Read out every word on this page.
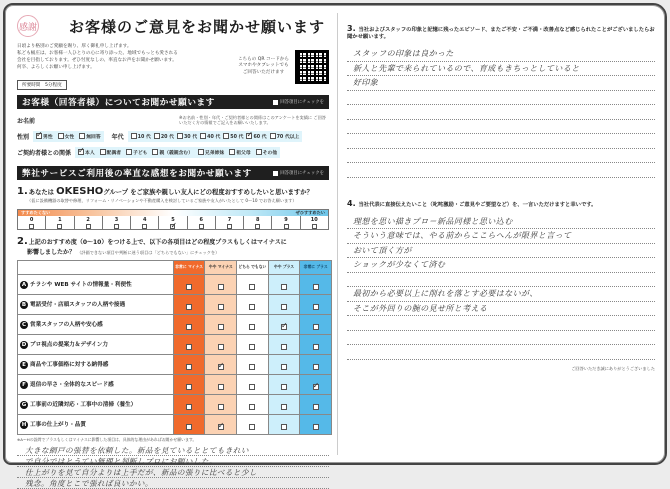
感謝 お客様のご意見をお聞かせ願います
日頃より格別のご愛顧を賜り、厚く御礼申し上げます。
私ども桶庄は、お客様一人ひとりの心に寄り添った、地域でもっとも愛される
会社を目指しております。ぜひ忖度なしの、率直なお声をお聞かせ願います。
何卒、よろしくお願い申し上げます。
所要時間　5分程度
こちらの QR コードから
スマホやタブレットでも
ご回答いただけます
お客様（回答者様）についてお聞かせ願います	回答項目にチェックを
お名前
※お名前・性別・年代・ご契約者様との関係はこのアンケートを実績に ご回答いただく方の情報でご記入をお願いいたします。
性別 ✓	男性	女性	無回答 年代	10 代 20 代 30 代 40 代 50 代
✓ 60 代 70 代以上
ご契約者様との関係 ✓	本人	配偶者	子ども	親（義親含む）	兄弟姉妹	祖父母	その他
弊社サービスご利用後の率直な感想をお聞かせ願います	回答項目にチェックを
1.あなたは OKESHOグループ をご家族や親しい友人にどの程度おすすめしたいと思いますか？
（仮に設備機器の取替や修理、リフォーム・リノベーションや不動産購入を検討しているご家族や友人がいたとして 0〜10 でお答え願います）
すすめたくない	ぜひすすめたい
0	1	2	3	4	5
✓	6	7	8	9	10
2.上記のおすすめ度（0〜10）をつける上で、以下の各項目はどの程度プラスもしくはマイナスに
影響しましたか？ （評価できない項目や判断に迷う項目は「どちらでもない」にチェックを）
	非常に マイナス	やや マイナス	どちら でもない	やや プラス	非常に プラス
A チラシや WEB サイトの情報量・利便性					
B 電話受付・店頭スタッフの人柄や接遇					
C 営業スタッフの人柄や安心感				✓	
D プロ視点の提案力＆デザイン力					
E 商品や工事価格に対する納得感		✓			
F 返信の早さ・全体的なスピード感					✓
G 工事前の近隣対応・工事中の清掃（養生）					
H 工事の仕上がり・品質		✓			
※A〜Hの設問でプラスもしくはマイナスに影響した項目は、具体的な理由があればお聞かせ願います。
大きな網戸の張替を依頼した。新品を見ているととてもきれい
で自分ではとうてい無理と判断しプロにお願いした。
仕上がりを見て自分よりは上手だが、新品の張りに比べると少し
残念。角度とこで張れば良いかい。
3. 当社およびスタッフの印象と記憶に残ったエピソード、またご不安・ご不満・改善点など感じられたことがございましたらお聞かせ願います。
スタッフの印象は良かった
新人と先輩で来られているので、育成もきちっとしていると
好印象
4. 当社代表に直接伝えたいこと（叱咤激励・ご意見やご要望など）を、一言いただけますと幸いです。
理想を思い描きプロ＝新品同様と思い込む
そういう意味では、やる前からここらへんが限界と言って
おいて頂く方が
ショックが少なくて済む
最初から必要以上に削れを落とす必要はないが、
そこが外回りの腕の見せ所と考える
ご回答いただき誠にありがとうございました
